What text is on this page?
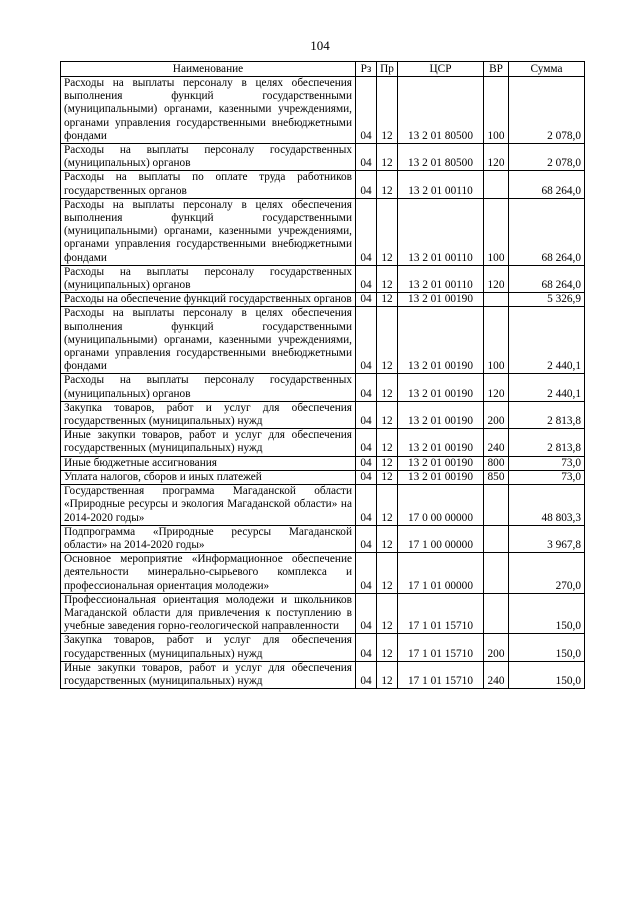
104
Наименование	Рз	Пр	ЦСР	ВР	Сумма
Расходы на выплаты персоналу в целях обеспечения выполнения функций государственными (муниципальными) органами, казенными учреждениями, органами управления государственными внебюджетными фондами	04	12	13 2 01 80500	100	2 078,0
Расходы на выплаты персоналу государственных (муниципальных) органов	04	12	13 2 01 80500	120	2 078,0
Расходы на выплаты по оплате труда работников государственных органов	04	12	13 2 01 00110		68 264,0
Расходы на выплаты персоналу в целях обеспечения выполнения функций государственными (муниципальными) органами, казенными учреждениями, органами управления государственными внебюджетными фондами	04	12	13 2 01 00110	100	68 264,0
Расходы на выплаты персоналу государственных (муниципальных) органов	04	12	13 2 01 00110	120	68 264,0
Расходы на обеспечение функций государственных органов	04	12	13 2 01 00190		5 326,9
Расходы на выплаты персоналу в целях обеспечения выполнения функций государственными (муниципальными) органами, казенными учреждениями, органами управления государственными внебюджетными фондами	04	12	13 2 01 00190	100	2 440,1
Расходы на выплаты персоналу государственных (муниципальных) органов	04	12	13 2 01 00190	120	2 440,1
Закупка товаров, работ и услуг для обеспечения государственных (муниципальных) нужд	04	12	13 2 01 00190	200	2 813,8
Иные закупки товаров, работ и услуг для обеспечения государственных (муниципальных) нужд	04	12	13 2 01 00190	240	2 813,8
Иные бюджетные ассигнования	04	12	13 2 01 00190	800	73,0
Уплата налогов, сборов и иных платежей	04	12	13 2 01 00190	850	73,0
Государственная программа Магаданской области «Природные ресурсы и экология Магаданской области» на 2014-2020 годы»	04	12	17 0 00 00000		48 803,3
Подпрограмма «Природные ресурсы Магаданской области» на 2014-2020 годы»	04	12	17 1 00 00000		3 967,8
Основное мероприятие «Информационное обеспечение деятельности минерально-сырьевого комплекса и профессиональная ориентация молодежи»	04	12	17 1 01 00000		270,0
Профессиональная ориентация молодежи и школьников Магаданской области для привлечения к поступлению в учебные заведения горно-геологической направленности	04	12	17 1 01 15710		150,0
Закупка товаров, работ и услуг для обеспечения государственных (муниципальных) нужд	04	12	17 1 01 15710	200	150,0
Иные закупки товаров, работ и услуг для обеспечения государственных (муниципальных) нужд	04	12	17 1 01 15710	240	150,0
